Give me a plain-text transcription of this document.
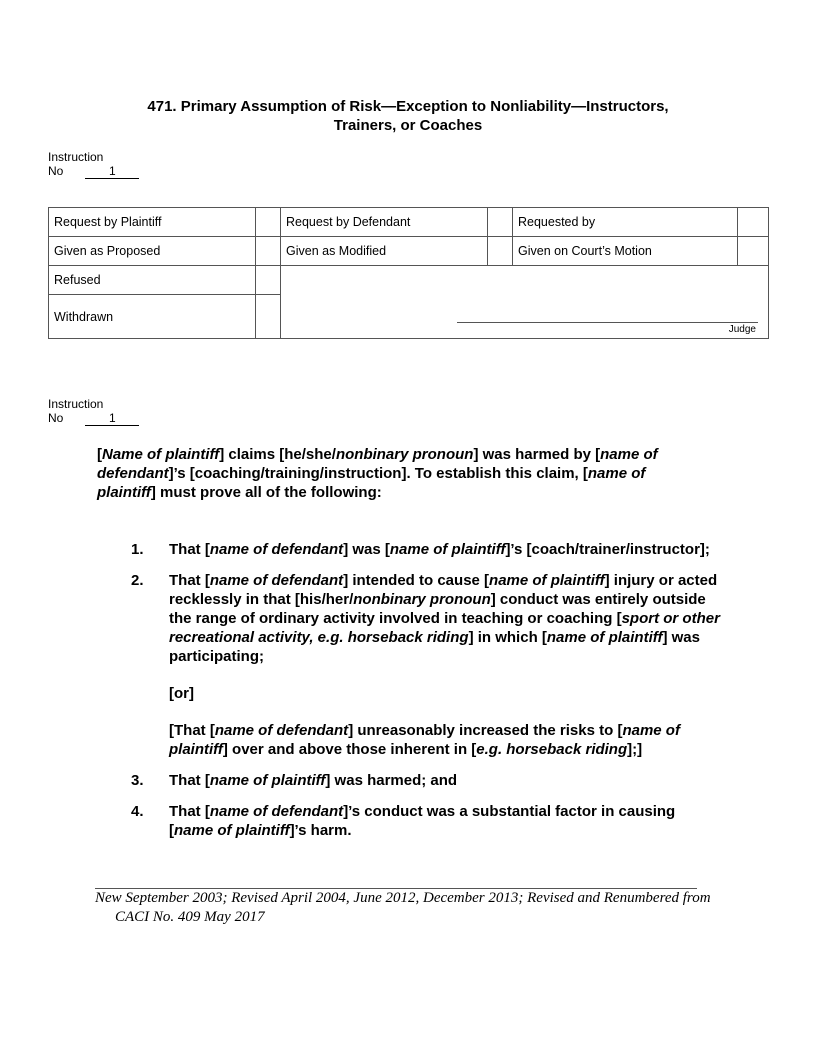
471. Primary Assumption of Risk—Exception to Nonliability—Instructors,
Trainers, or Coaches
Instruction
No	1
Request by Plaintiff		Request by Defendant		Requested by	
Given as Proposed		Given as Modified		Given on Court’s Motion	
Refused		Judge			

Withdrawn					
Instruction
No	1
[Name of plaintiff] claims [he/she/nonbinary pronoun] was harmed by [name of defendant]’s [coaching/training/instruction]. To establish this claim, [name of plaintiff] must prove all of the following:
1. That [name of defendant] was [name of plaintiff]’s [coach/trainer/instructor];

2. That [name of defendant] intended to cause [name of plaintiff] injury or acted recklessly in that [his/her/nonbinary pronoun] conduct was entirely outside the range of ordinary activity involved in teaching or coaching [sport or other recreational activity, e.g. horseback riding] in which [name of plaintiff] was participating;

[or]

[That [name of defendant] unreasonably increased the risks to [name of plaintiff] over and above those inherent in [e.g. horseback riding];]

3. That [name of plaintiff] was harmed; and

4. That [name of defendant]’s conduct was a substantial factor in causing [name of plaintiff]’s harm.

New September 2003; Revised April 2004, June 2012, December 2013; Revised and Renumbered from CACI No. 409 May 2017
